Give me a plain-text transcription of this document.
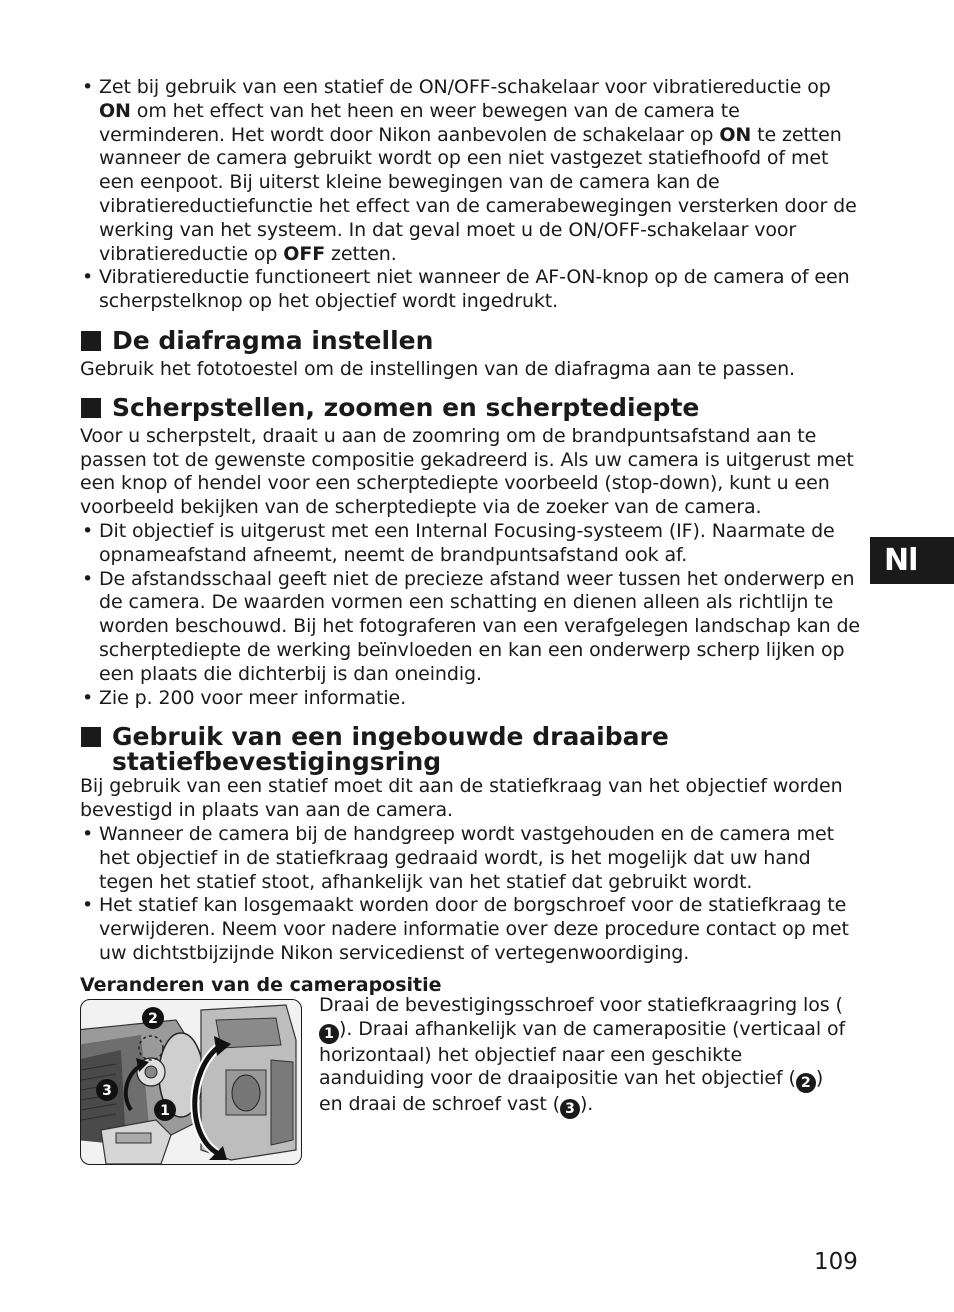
• Zet bij gebruik van een statief de ON/OFF-schakelaar voor vibratiereductie op ON om het effect van het heen en weer bewegen van de camera te verminderen. Het wordt door Nikon aanbevolen de schakelaar op ON te zetten wanneer de camera gebruikt wordt op een niet vastgezet statiefhoofd of met een eenpoot. Bij uiterst kleine bewegingen van de camera kan de vibratiereductiefunctie het effect van de camerabewegingen versterken door de werking van het systeem. In dat geval moet u de ON/OFF-schakelaar voor vibratiereductie op OFF zetten.
• Vibratiereductie functioneert niet wanneer de AF-ON-knop op de camera of een scherpstelknop op het objectief wordt ingedrukt.
De diafragma instellen

Gebruik het fototoestel om de instellingen van de diafragma aan te passen.

Scherpstellen, zoomen en scherptediepte

Voor u scherpstelt, draait u aan de zoomring om de brandpuntsafstand aan te passen tot de gewenste compositie gekadreerd is. Als uw camera is uitgerust met een knop of hendel voor een scherptediepte voorbeeld (stop-down), kunt u een voorbeeld bekijken van de scherptediepte via de zoeker van de camera.

• Dit objectief is uitgerust met een Internal Focusing-systeem (IF). Naarmate de opnameafstand afneemt, neemt de brandpuntsafstand ook af.
• De afstandsschaal geeft niet de precieze afstand weer tussen het onderwerp en de camera. De waarden vormen een schatting en dienen alleen als richtlijn te worden beschouwd. Bij het fotograferen van een verafgelegen landschap kan de scherptediepte de werking beïnvloeden en kan een onderwerp scherp lijken op een plaats die dichterbij is dan oneindig.
• Zie p. 200 voor meer informatie.
Gebruik van een ingebouwde draaibare
statiefbevestigingsring

Bij gebruik van een statief moet dit aan de statiefkraag van het objectief worden bevestigd in plaats van aan de camera.

• Wanneer de camera bij de handgreep wordt vastgehouden en de camera met het objectief in de statiefkraag gedraaid wordt, is het mogelijk dat uw hand tegen het statief stoot, afhankelijk van het statief dat gebruikt wordt.
• Het statief kan losgemaakt worden door de borgschroef voor de statiefkraag te verwijderen. Neem voor nadere informatie over deze procedure contact op met uw dichtstbijzijnde Nikon servicedienst of vertegenwoordiging.
Veranderen van de camerapositie
2
3
1

Draai de bevestigingsschroef voor statiefkraagring los (1 ). Draai afhankelijk van de camerapositie (verticaal of horizontaal) het objectief naar een geschikte aanduiding voor de draaipositie van het objectief ( 2 ) en draai de schroef vast ( 3 ).

Nl
109
